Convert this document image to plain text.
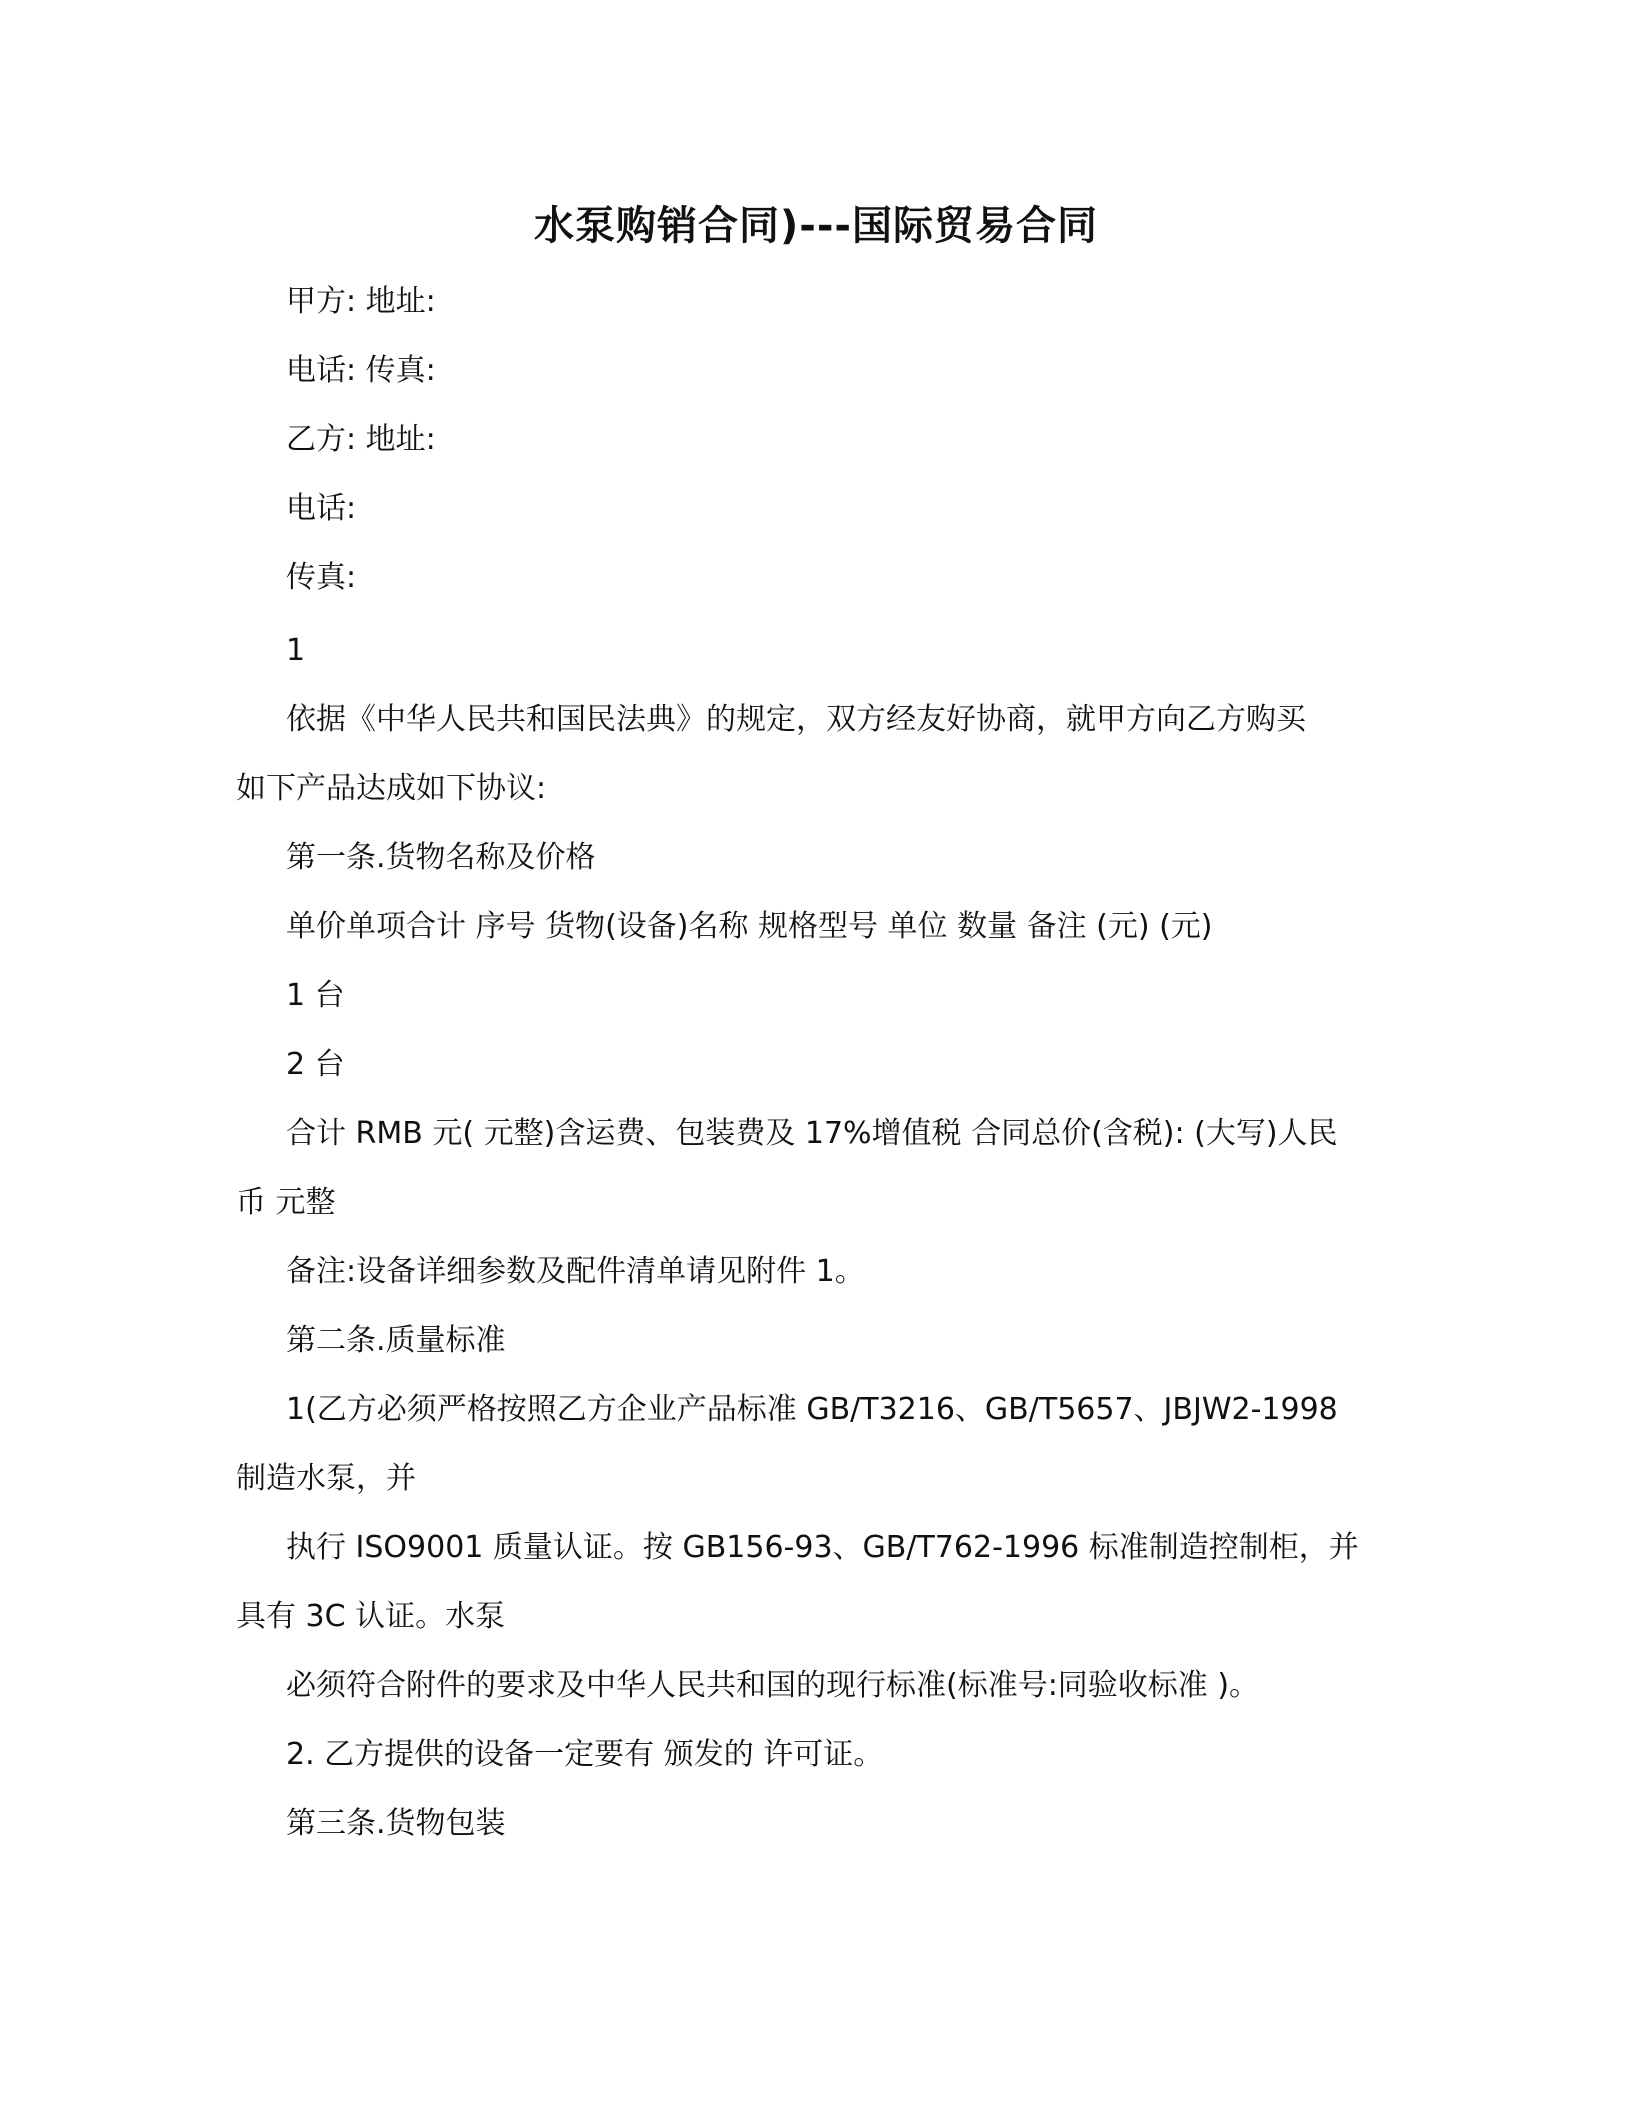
水泵购销合同)---国际贸易合同
甲方: 地址:
电话: 传真:
乙方: 地址:
电话:
传真:
1
依据《中华人民共和国民法典》的规定，双方经友好协商，就甲方向乙方购买
如下产品达成如下协议:
第一条.货物名称及价格
单价单项合计 序号 货物(设备)名称 规格型号 单位 数量 备注 (元) (元)
1 台
2 台
合计 RMB 元( 元整)含运费、包装费及 17%增值税 合同总价(含税): (大写)人民
币 元整
备注:设备详细参数及配件清单请见附件 1。
第二条.质量标准
1(乙方必须严格按照乙方企业产品标准 GB/T3216、GB/T5657、JBJW2-1998
制造水泵，并
执行 ISO9001 质量认证。按 GB156-93、GB/T762-1996 标准制造控制柜，并
具有 3C 认证。水泵
必须符合附件的要求及中华人民共和国的现行标准(标准号:同验收标准 )。
2. 乙方提供的设备一定要有 颁发的 许可证。
第三条.货物包装
